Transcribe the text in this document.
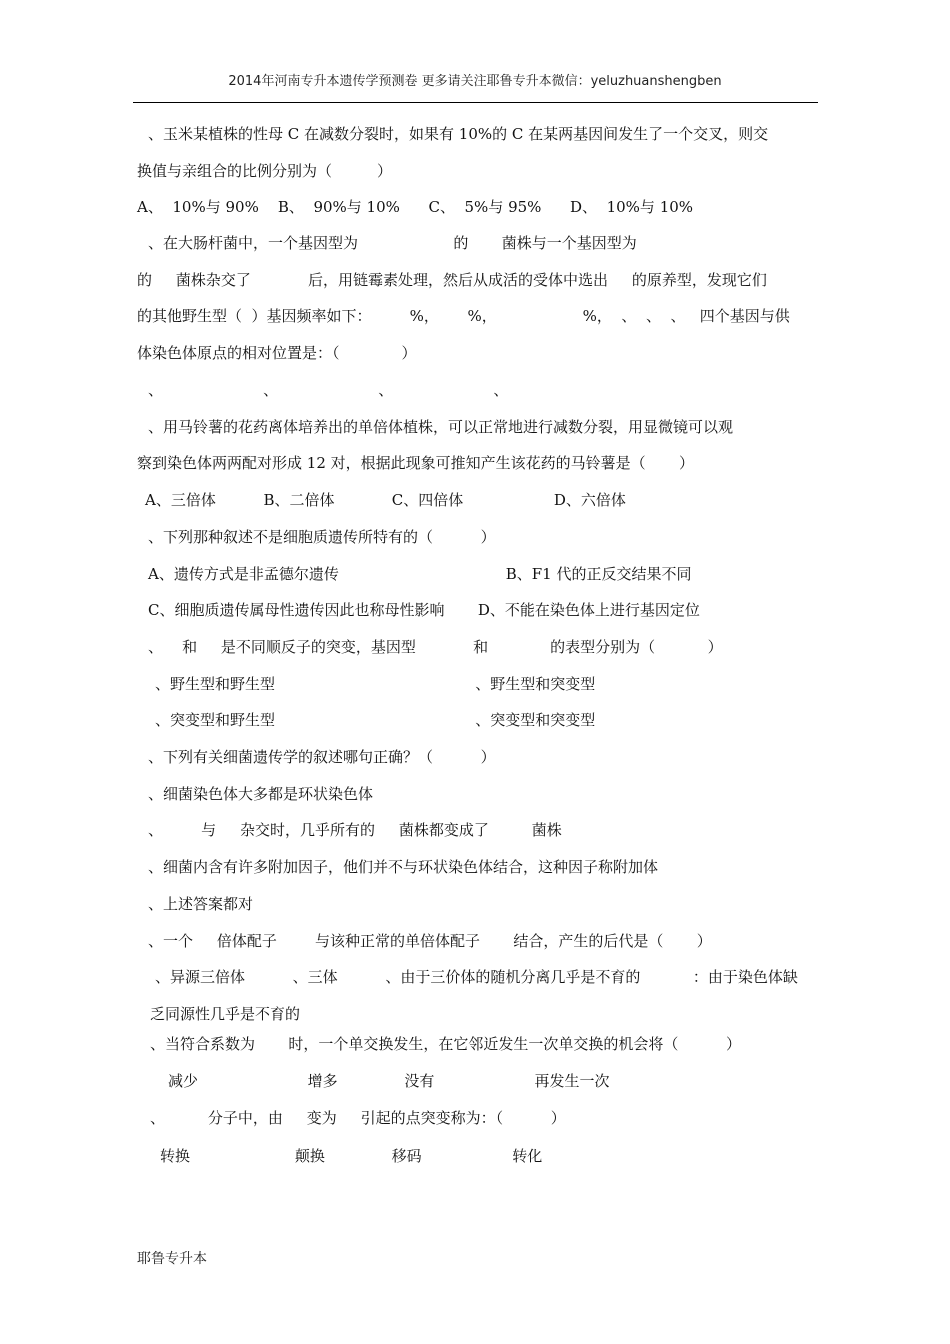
2014年河南专升本遗传学预测卷 更多请关注耶鲁专升本微信：yeluzhuanshengben
、玉米某植株的性母 C 在减数分裂时，如果有 10%的 C 在某两基因间发生了一个交叉，则交
换值与亲组合的比例分别为（　　　）
A、  10%与 90%    B、  90%与 10%      C、  5%与 95%      D、  10%与 10%
、在大肠杆菌中，一个基因型为                    的       菌株与一个基因型为
的     菌株杂交了            后，用链霉素处理，然后从成活的受体中选出     的原养型，发现它们
的其他野生型（  ）基因频率如下：        %，      %，                  %，  、  、  、   四个基因与供
体染色体原点的相对位置是：（             ）
、                     、                     、                     、
、用马铃薯的花药离体培养出的单倍体植株，可以正常地进行减数分裂，用显微镜可以观
察到染色体两两配对形成 12 对，根据此现象可推知产生该花药的马铃薯是（       ）
A、三倍体          B、二倍体            C、四倍体                   D、六倍体
、下列那种叙述不是细胞质遗传所特有的（          ）
A、遗传方式是非孟德尔遗传                                   B、F1 代的正反交结果不同
C、细胞质遗传属母性遗传因此也称母性影响       D、不能在染色体上进行基因定位
、    和     是不同顺反子的突变，基因型            和             的表型分别为（           ）
、野生型和野生型                                          、野生型和突变型
、突变型和野生型                                          、突变型和突变型
、下列有关细菌遗传学的叙述哪句正确？（          ）
、细菌染色体大多都是环状染色体
、        与     杂交时，几乎所有的     菌株都变成了         菌株
、细菌内含有许多附加因子，他们并不与环状染色体结合，这种因子称附加体
、上述答案都对
、一个     倍体配子        与该种正常的单倍体配子       结合，产生的后代是（       ）
、异源三倍体          、三体          、由于三价体的随机分离几乎是不育的           ：由于染色体缺
乏同源性几乎是不育的
、当符合系数为       时，一个单交换发生，在它邻近发生一次单交换的机会将（          ）
减少                       增多              没有                     再发生一次
、         分子中，由     变为     引起的点突变称为：（          ）
转换                      颠换              移码                   转化
耶鲁专升本
